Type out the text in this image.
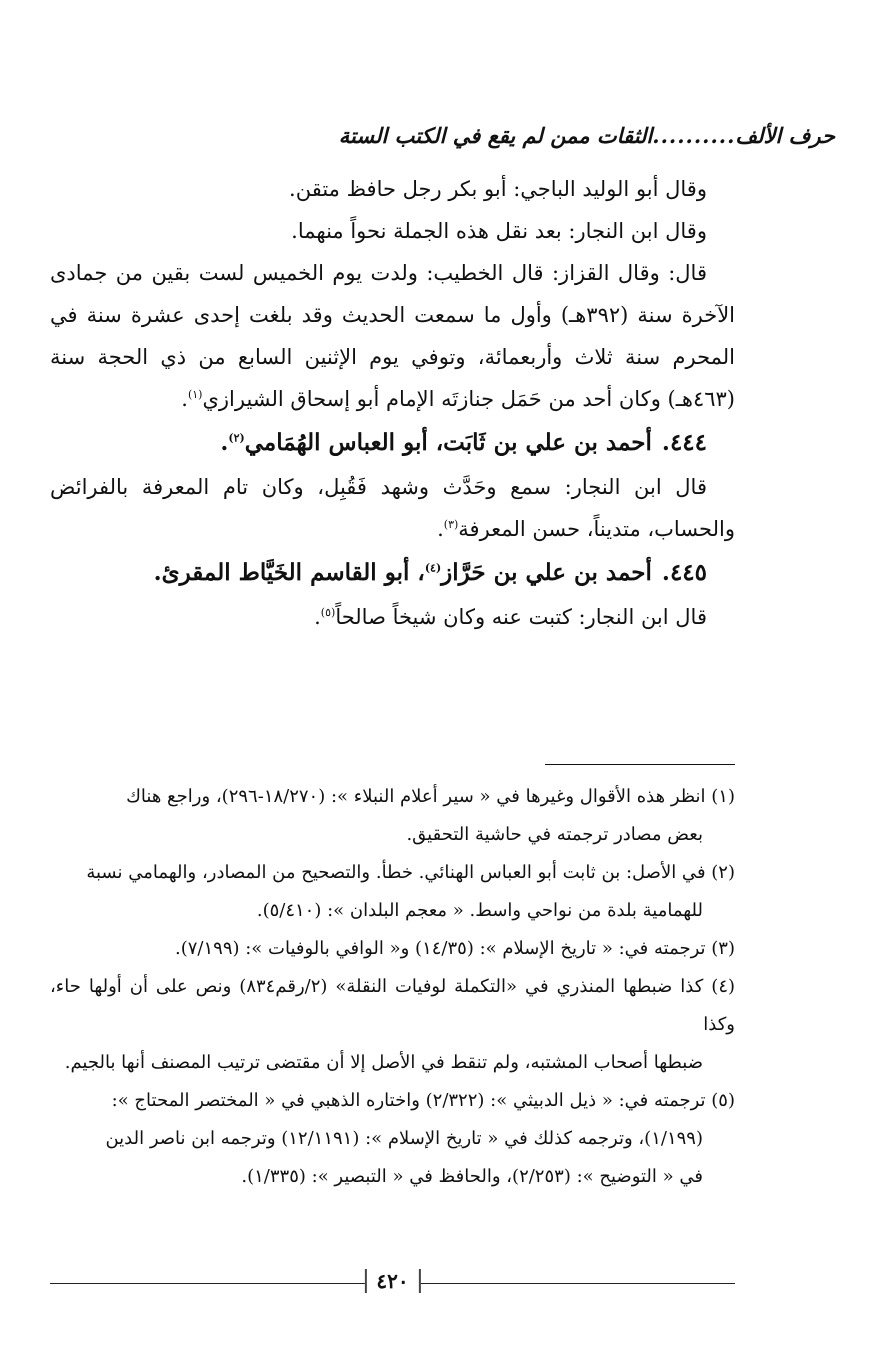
حرف الألف
..........
الثقات ممن لم يقع في الكتب الستة

وقال أبو الوليد الباجي: أبو بكر رجل حافظ متقن.

وقال ابن النجار: بعد نقل هذه الجملة نحواً منهما.

قال: وقال القزاز: قال الخطيب: ولدت يوم الخميس لست بقين من جمادى الآخرة سنة (٣٩٢هـ) وأول ما سمعت الحديث وقد بلغت إحدى عشرة سنة في المحرم سنة ثلاث وأربعمائة، وتوفي يوم الإثنين السابع من ذي الحجة سنة (٤٦٣هـ) وكان أحد من حَمَل جنازتَه الإمام أبو إسحاق الشيرازي$^{(١)}$.

٤٤٤.أحمد بن علي بن ثَابَت، أبو العباس الهُمَامي$^{(٢)}$.

قال ابن النجار: سمع وحَدَّث وشهد فَقُبِل، وكان تام المعرفة بالفرائض والحساب، متديناً، حسن المعرفة$^{(٣)}$.

٤٤٥.أحمد بن علي بن حَرَّاز$^{(٤)}$، أبو القاسم الخَيَّاط المقرئ.

قال ابن النجار: كتبت عنه وكان شيخاً صالحاً$^{(٥)}$.

(١) انظر هذه الأقوال وغيرها في « سير أعلام النبلاء »: (١٨/٢٧٠-٢٩٦)، وراجع هناك
بعض مصادر ترجمته في حاشية التحقيق.

(٢) في الأصل: بن ثابت أبو العباس الهنائي. خطأ. والتصحيح من المصادر، والهمامي نسبة
للهمامية بلدة من نواحي واسط. « معجم البلدان »: (٥/٤١٠).

(٣) ترجمته في: « تاريخ الإسلام »: (١٤/٣٥) و« الوافي بالوفيات »: (٧/١٩٩).

(٤) كذا ضبطها المنذري في «التكملة لوفيات النقلة» (٢/رقم٨٣٤) ونص على أن أولها حاء، وكذا
ضبطها أصحاب المشتبه، ولم تنقط في الأصل إلا أن مقتضى ترتيب المصنف أنها بالجيم.

(٥) ترجمته في: « ذيل الدبيثي »: (٢/٣٢٢) واختاره الذهبي في « المختصر المحتاج »:
(١/١٩٩)، وترجمه كذلك في « تاريخ الإسلام »: (١٢/١١٩١) وترجمه ابن ناصر الدين
في « التوضيح »: (٢/٢٥٣)، والحافظ في « التبصير »: (١/٣٣٥).

٤٢٠
